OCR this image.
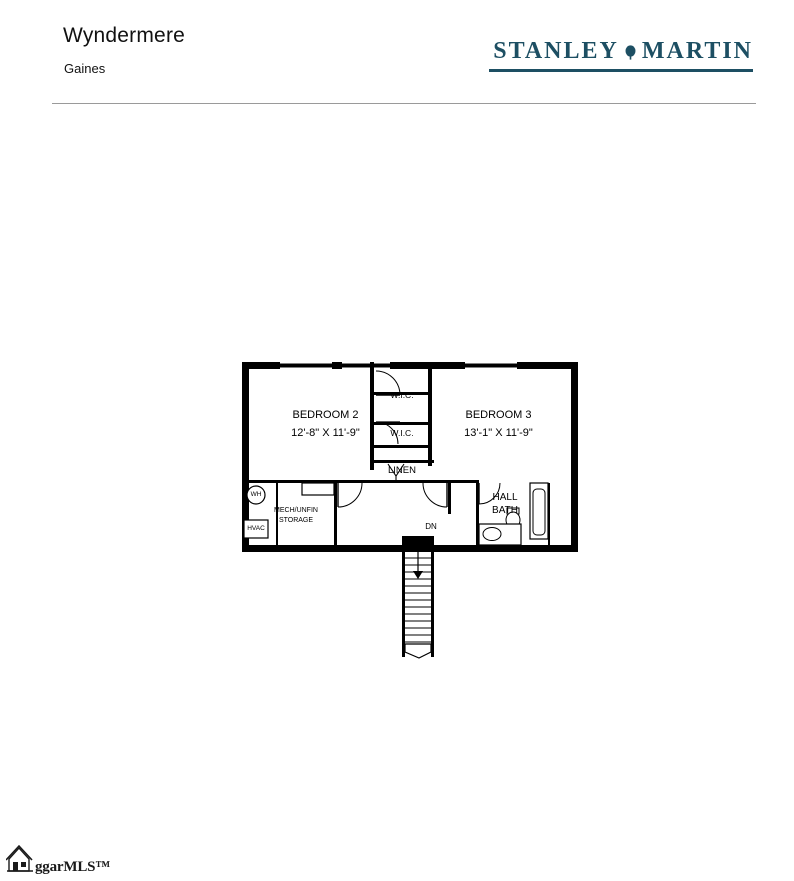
Wyndermere
Gaines
STANLEY MARTIN
BEDROOM 2
12'-8" X 11'-9"
BEDROOM 3
13'-1" X 11'-9"
W.I.C.
W.I.C.
LINEN
HALL
BATH
MECH/UNFIN
STORAGE
WH
HVAC	DN
ggarMLS™
